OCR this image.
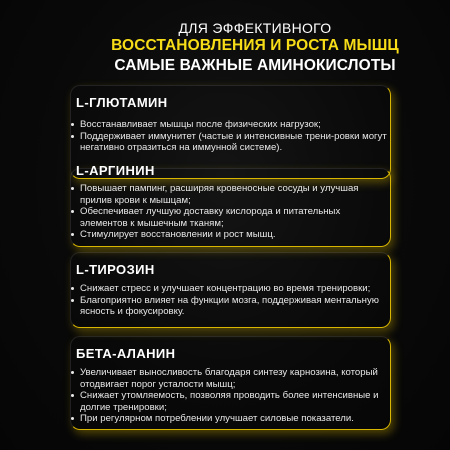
ДЛЯ ЭФФЕКТИВНОГО
ВОССТАНОВЛЕНИЯ И РОСТА МЫШЦ
САМЫЕ ВАЖНЫЕ АМИНОКИСЛОТЫ
L-ГЛЮТАМИН
Восстанавливает мышцы после физических нагрузок;
Поддерживает иммунитет (частые и интенсивные трени-ровки могут негативно отразиться на иммунной системе).
L-АРГИНИН
Повышает пампинг, расширяя кровеносные сосуды и улучшая прилив крови к мышцам;
Обеспечивает лучшую доставку кислорода и питательных элементов к мышечным тканям;
Стимулирует восстановлении и рост мышц.
L-ТИРОЗИН
Снижает стресс и улучшает концентрацию во время тренировки;
Благоприятно влияет на функции мозга, поддерживая ментальную ясность и фокусировку.
БЕТА-АЛАНИН
Увеличивает выносливость благодаря синтезу карнозина, который отодвигает порог усталости мышц;
Снижает утомляемость, позволяя проводить более интенсивные и долгие тренировки;
При регулярном потреблении улучшает силовые показатели.
